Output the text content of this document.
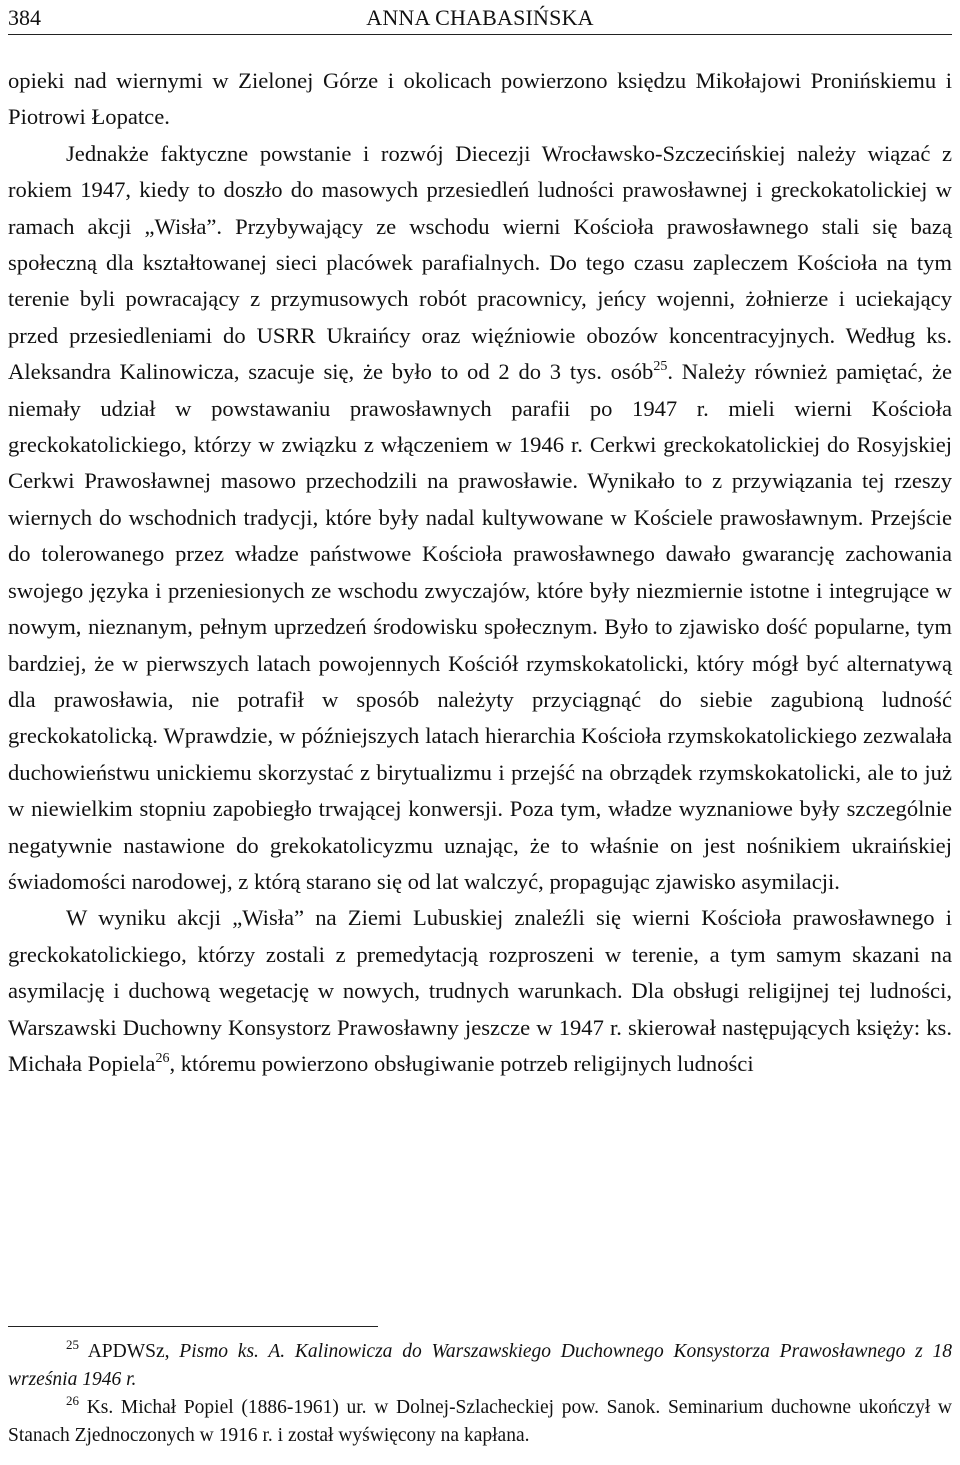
384	ANNA CHABASIŃSKA

opieki nad wiernymi w Zielonej Górze i okolicach powierzono księdzu Mikołajowi Pronińskiemu i Piotrowi Łopatce.

Jednakże faktyczne powstanie i rozwój Diecezji Wrocławsko-Szczecińskiej należy wiązać z rokiem 1947, kiedy to doszło do masowych przesiedleń ludności prawosławnej i greckokatolickiej w ramach akcji „Wisła”. Przybywający ze wschodu wierni Kościoła prawosławnego stali się bazą społeczną dla kształtowanej sieci placówek parafialnych. Do tego czasu zapleczem Kościoła na tym terenie byli powracający z przymusowych robót pracownicy, jeńcy wojenni, żołnierze i uciekający przed przesiedleniami do USRR Ukraińcy oraz więźniowie obozów koncentracyjnych. Według ks. Aleksandra Kalinowicza, szacuje się, że było to od 2 do 3 tys. osób$^{25}$. Należy również pamiętać, że niemały udział w powstawaniu prawosławnych parafii po 1947 r. mieli wierni Kościoła greckokatolickiego, którzy w związku z włączeniem w 1946 r. Cerkwi greckokatolickiej do Rosyjskiej Cerkwi Prawosławnej masowo przechodzili na prawosławie. Wynikało to z przywiązania tej rzeszy wiernych do wschodnich tradycji, które były nadal kultywowane w Kościele prawosławnym. Przejście do tolerowanego przez władze państwowe Kościoła prawosławnego dawało gwarancję zachowania swojego języka i przeniesionych ze wschodu zwyczajów, które były niezmiernie istotne i integrujące w nowym, nieznanym, pełnym uprzedzeń środowisku społecznym. Było to zjawisko dość popularne, tym bardziej, że w pierwszych latach powojennych Kościół rzymskokatolicki, który mógł być alternatywą dla prawosławia, nie potrafił w sposób należyty przyciągnąć do siebie zagubioną ludność greckokatolicką. Wprawdzie, w późniejszych latach hierarchia Kościoła rzymskokatolickiego zezwalała duchowieństwu unickiemu skorzystać z birytualizmu i przejść na obrządek rzymskokatolicki, ale to już w niewielkim stopniu zapobiegło trwającej konwersji. Poza tym, władze wyznaniowe były szczególnie negatywnie nastawione do grekokatolicyzmu uznając, że to właśnie on jest nośnikiem ukraińskiej świadomości narodowej, z którą starano się od lat walczyć, propagując zjawisko asymilacji.

W wyniku akcji „Wisła” na Ziemi Lubuskiej znaleźli się wierni Kościoła prawosławnego i greckokatolickiego, którzy zostali z premedytacją rozproszeni w terenie, a tym samym skazani na asymilację i duchową wegetację w nowych, trudnych warunkach. Dla obsługi religijnej tej ludności, Warszawski Duchowny Konsystorz Prawosławny jeszcze w 1947 r. skierował następujących księży: ks. Michała Popiela$^{26}$, któremu powierzono obsługiwanie potrzeb religijnych ludności

$^{25}$ APDWSz, Pismo ks. A. Kalinowicza do Warszawskiego Duchownego Konsystorza Prawosławnego z 18 września 1946 r.

$^{26}$ Ks. Michał Popiel (1886-1961) ur. w Dolnej-Szlacheckiej pow. Sanok. Seminarium duchowne ukończył w Stanach Zjednoczonych w 1916 r. i został wyświęcony na kapłana.
